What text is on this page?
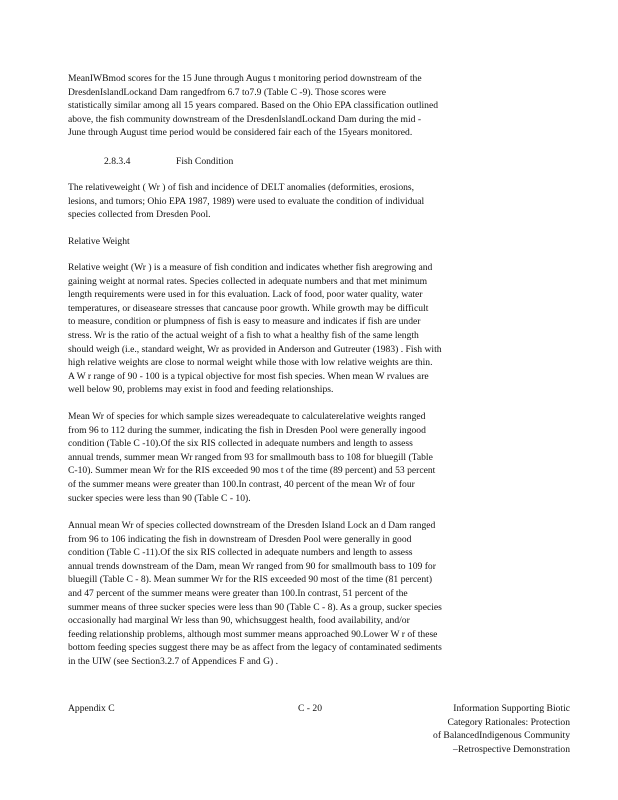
MeanIWBmod scores for the 15 June through Augus t monitoring period downstream of the
DresdenIslandLockand Dam rangedfrom 6.7 to7.9 (Table C -9). Those scores were
statistically similar among all 15 years compared. Based on the Ohio EPA classification outlined
above, the fish community downstream of the DresdenIslandLockand Dam during the mid -
June through August time period would be considered fair each of the 15years monitored.

2.8.3.4	Fish Condition

The relativeweight ( Wr ) of fish and incidence of DELT anomalies (deformities, erosions,
lesions, and tumors; Ohio EPA 1987, 1989) were used to evaluate the condition of individual
species collected from Dresden Pool.

Relative Weight

Relative weight (Wr ) is a measure of fish condition and indicates whether fish aregrowing and
gaining weight at normal rates. Species collected in adequate numbers and that met minimum
length requirements were used in for this evaluation. Lack of food, poor water quality, water
temperatures, or diseaseare stresses that cancause poor growth. While growth may be difficult
to measure, condition or plumpness of fish is easy to measure and indicates if fish are under
stress. Wr is the ratio of the actual weight of a fish to what a healthy fish of the same length
should weigh (i.e., standard weight, Wr as provided in Anderson and Gutreuter (1983) . Fish with
high relative weights are close to normal weight while those with low relative weights are thin.
A W r range of 90 - 100 is a typical objective for most fish species. When mean W rvalues are
well below 90, problems may exist in food and feeding relationships.

Mean Wr of species for which sample sizes wereadequate to calculaterelative weights ranged
from 96 to 112 during the summer, indicating the fish in Dresden Pool were generally ingood
condition (Table C -10).Of the six RIS collected in adequate numbers and length to assess
annual trends, summer mean Wr ranged from 93 for smallmouth bass to 108 for bluegill (Table
C-10). Summer mean Wr for the RIS exceeded 90 mos t of the time (89 percent) and 53 percent
of the summer means were greater than 100.In contrast, 40 percent of the mean Wr of four
sucker species were less than 90 (Table C - 10).

Annual mean Wr of species collected downstream of the Dresden Island Lock an d Dam ranged
from 96 to 106 indicating the fish in downstream of Dresden Pool were generally in good
condition (Table C -11).Of the six RIS collected in adequate numbers and length to assess
annual trends downstream of the Dam, mean Wr ranged from 90 for smallmouth bass to 109 for
bluegill (Table C - 8). Mean summer Wr for the RIS exceeded 90 most of the time (81 percent)
and 47 percent of the summer means were greater than 100.In contrast, 51 percent of the
summer means of three sucker species were less than 90 (Table C - 8). As a group, sucker species
occasionally had marginal Wr less than 90, whichsuggest health, food availability, and/or
feeding relationship problems, although most summer means approached 90.Lower W r of these
bottom feeding species suggest there may be as affect from the legacy of contaminated sediments
in the UIW (see Section3.2.7 of Appendices F and G) .

Appendix C	C - 20	Information Supporting Biotic
Category Rationales: Protection
of BalancedIndigenous Community
–Retrospective Demonstration
